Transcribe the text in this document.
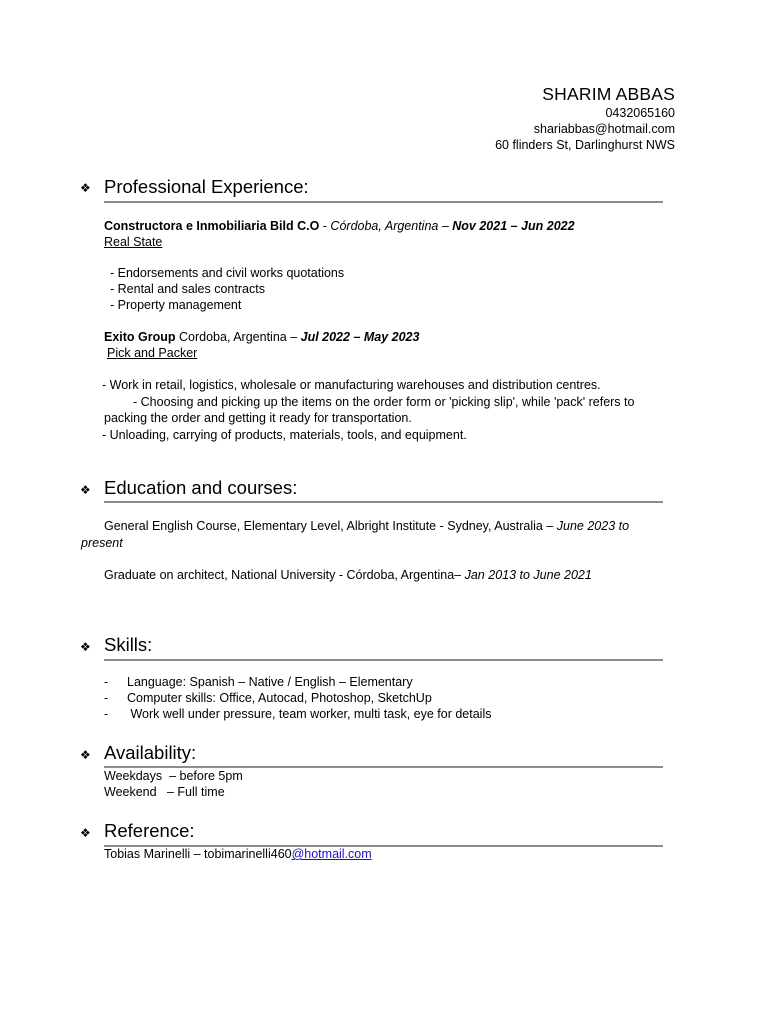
SHARIM ABBAS
0432065160
shariabbas@hotmail.com
60 flinders St, Darlinghurst NWS
❖ Professional Experience:
Constructora e Inmobiliaria Bild C.O - Córdoba, Argentina – Nov 2021 – Jun 2022
Real State
- Endorsements and civil works quotations
- Rental and sales contracts
- Property management
Exito Group Cordoba, Argentina – Jul 2022 – May 2023
Pick and Packer
- Work in retail, logistics, wholesale or manufacturing warehouses and distribution centres.
- Choosing and picking up the items on the order form or 'picking slip', while 'pack' refers to
packing the order and getting it ready for transportation.
- Unloading, carrying of products, materials, tools, and equipment.
❖ Education and courses:
General English Course, Elementary Level, Albright Institute - Sydney, Australia – June 2023 to
present
Graduate on architect, National University - Córdoba, Argentina– Jan 2013 to June 2021
❖ Skills:
- Language: Spanish – Native / English – Elementary
- Computer skills: Office, Autocad, Photoshop, SketchUp
- Work well under pressure, team worker, multi task, eye for details
❖ Availability:
Weekdays  – before 5pm
Weekend   – Full time
❖ Reference:
Tobias Marinelli – tobimarinelli460@hotmail.com
